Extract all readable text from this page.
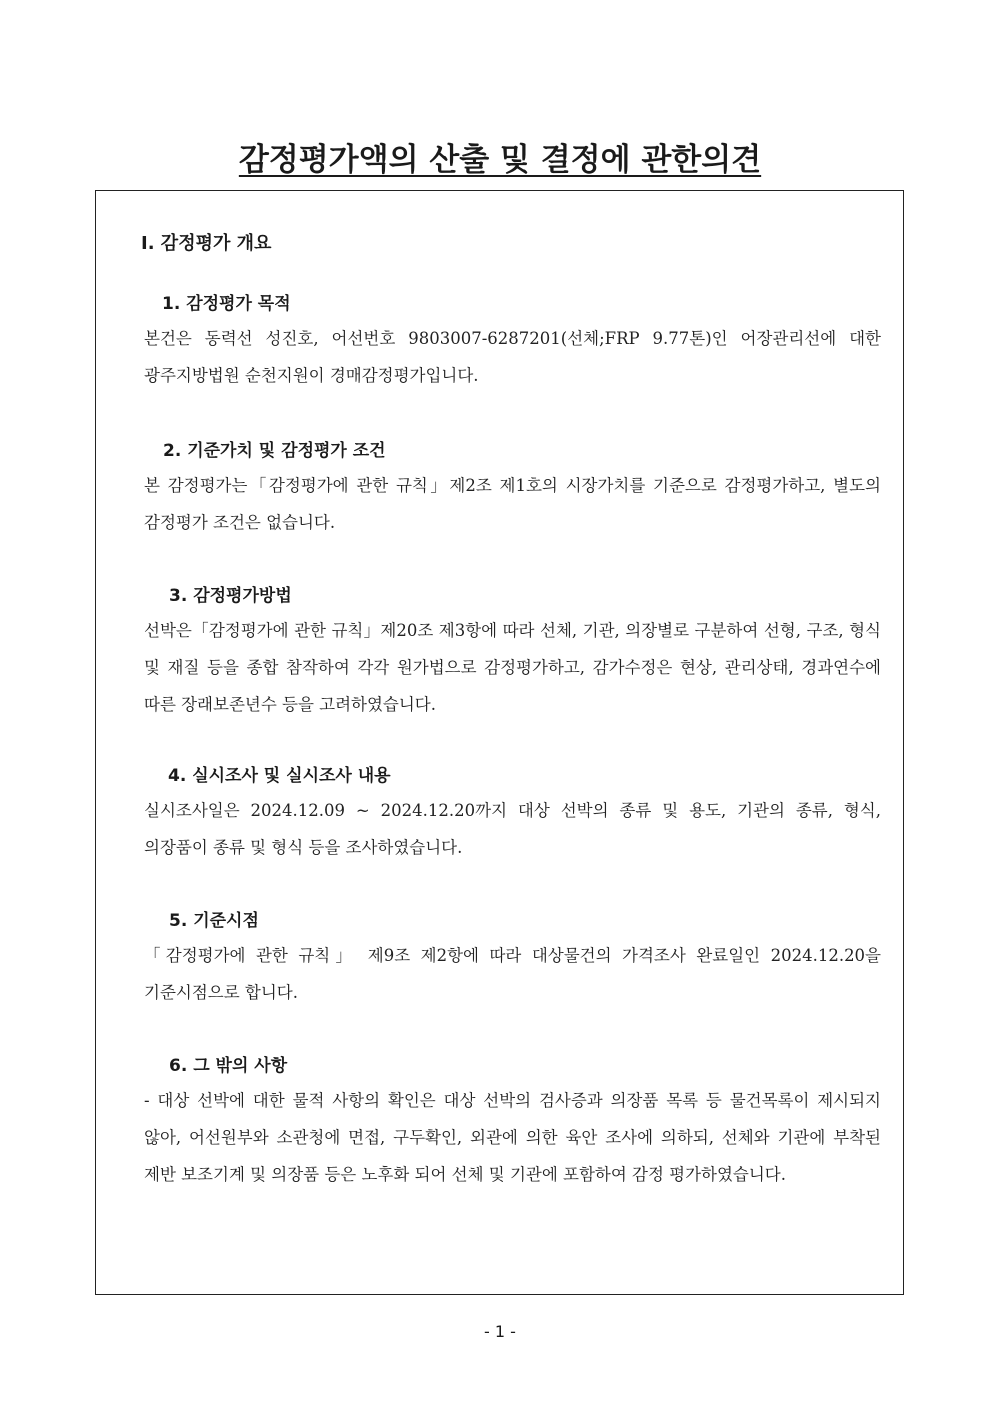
감정평가액의 산출 및 결정에 관한의견
Ⅰ. 감정평가 개요
1. 감정평가 목적
본건은 동력선 성진호, 어선번호 9803007-6287201(선체;FRP 9.77톤)인 어장관리선에 대한 광주지방법원 순천지원이 경매감정평가입니다.
2. 기준가치 및 감정평가 조건
본 감정평가는「감정평가에 관한 규칙」제2조 제1호의 시장가치를 기준으로 감정평가하고, 별도의 감정평가 조건은 없습니다.
3. 감정평가방법
선박은「감정평가에 관한 규칙」제20조 제3항에 따라 선체, 기관, 의장별로 구분하여 선형, 구조, 형식 및 재질 등을 종합 참작하여 각각 원가법으로 감정평가하고, 감가수정은 현상, 관리상태, 경과연수에 따른 장래보존년수 등을 고려하였습니다.
4. 실시조사 및 실시조사 내용
실시조사일은 2024.12.09 ~ 2024.12.20까지 대상 선박의 종류 및 용도, 기관의 종류, 형식, 의장품이 종류 및 형식 등을 조사하였습니다.
5. 기준시점
「감정평가에 관한 규칙」 제9조 제2항에 따라 대상물건의 가격조사 완료일인 2024.12.20을 기준시점으로 합니다.
6. 그 밖의 사항
- 대상 선박에 대한 물적 사항의 확인은 대상 선박의 검사증과 의장품 목록 등 물건목록이 제시되지 않아, 어선원부와 소관청에 면접, 구두확인, 외관에 의한 육안 조사에 의하되, 선체와 기관에 부착된 제반 보조기계 및 의장품 등은 노후화 되어 선체 및 기관에 포함하여 감정 평가하였습니다.
- 1 -
